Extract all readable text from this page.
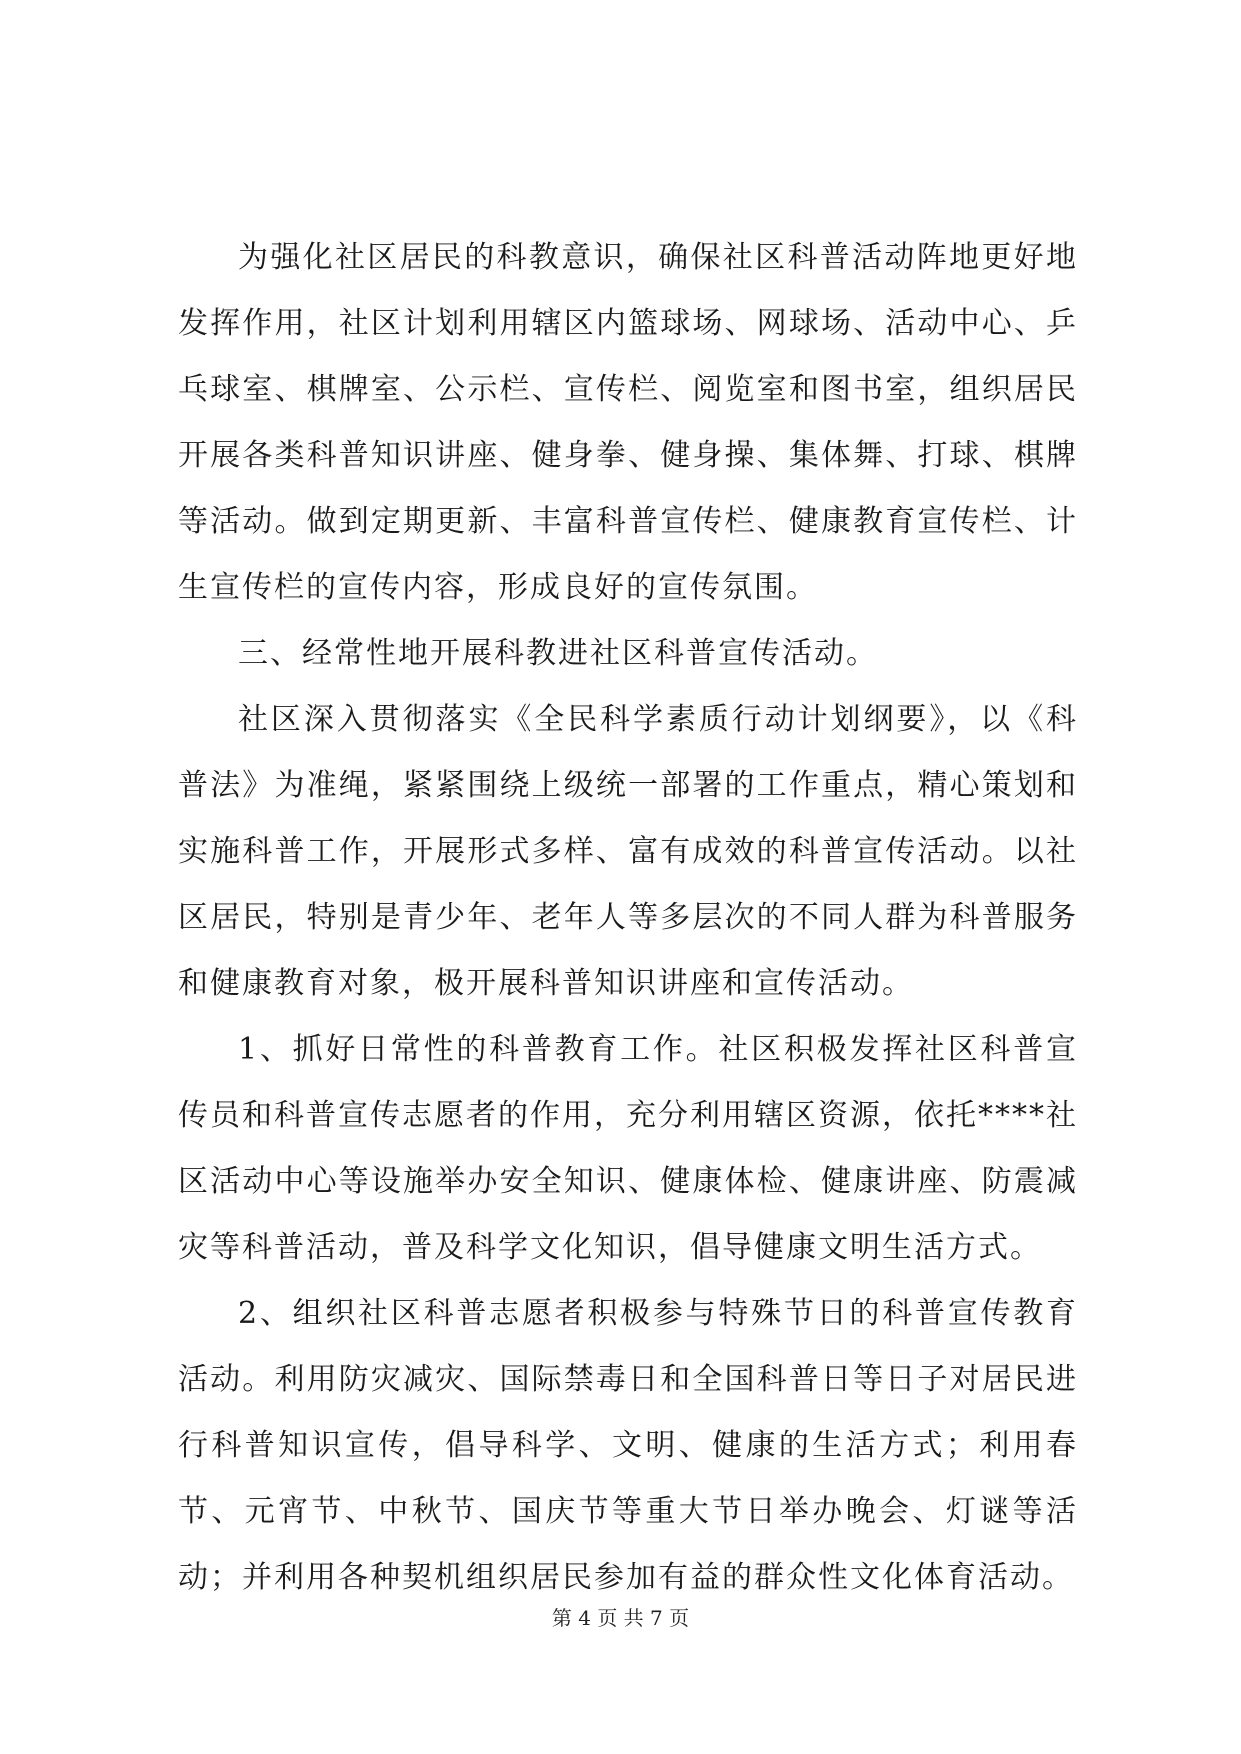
为强化社区居民的科教意识，确保社区科普活动阵地更好地发挥作用，社区计划利用辖区内篮球场、网球场、活动中心、乒乓球室、棋牌室、公示栏、宣传栏、阅览室和图书室，组织居民开展各类科普知识讲座、健身拳、健身操、集体舞、打球、棋牌等活动。做到定期更新、丰富科普宣传栏、健康教育宣传栏、计生宣传栏的宣传内容，形成良好的宣传氛围。

三、经常性地开展科教进社区科普宣传活动。

社区深入贯彻落实《全民科学素质行动计划纲要》，以《科普法》为准绳，紧紧围绕上级统一部署的工作重点，精心策划和实施科普工作，开展形式多样、富有成效的科普宣传活动。以社区居民，特别是青少年、老年人等多层次的不同人群为科普服务和健康教育对象，极开展科普知识讲座和宣传活动。

1、抓好日常性的科普教育工作。社区积极发挥社区科普宣传员和科普宣传志愿者的作用，充分利用辖区资源，依托****社区活动中心等设施举办安全知识、健康体检、健康讲座、防震减灾等科普活动，普及科学文化知识，倡导健康文明生活方式。

2、组织社区科普志愿者积极参与特殊节日的科普宣传教育活动。利用防灾减灾、国际禁毒日和全国科普日等日子对居民进行科普知识宣传，倡导科学、文明、健康的生活方式；利用春节、元宵节、中秋节、国庆节等重大节日举办晚会、灯谜等活动；并利用各种契机组织居民参加有益的群众性文化体育活动。

第 4 页 共 7 页
